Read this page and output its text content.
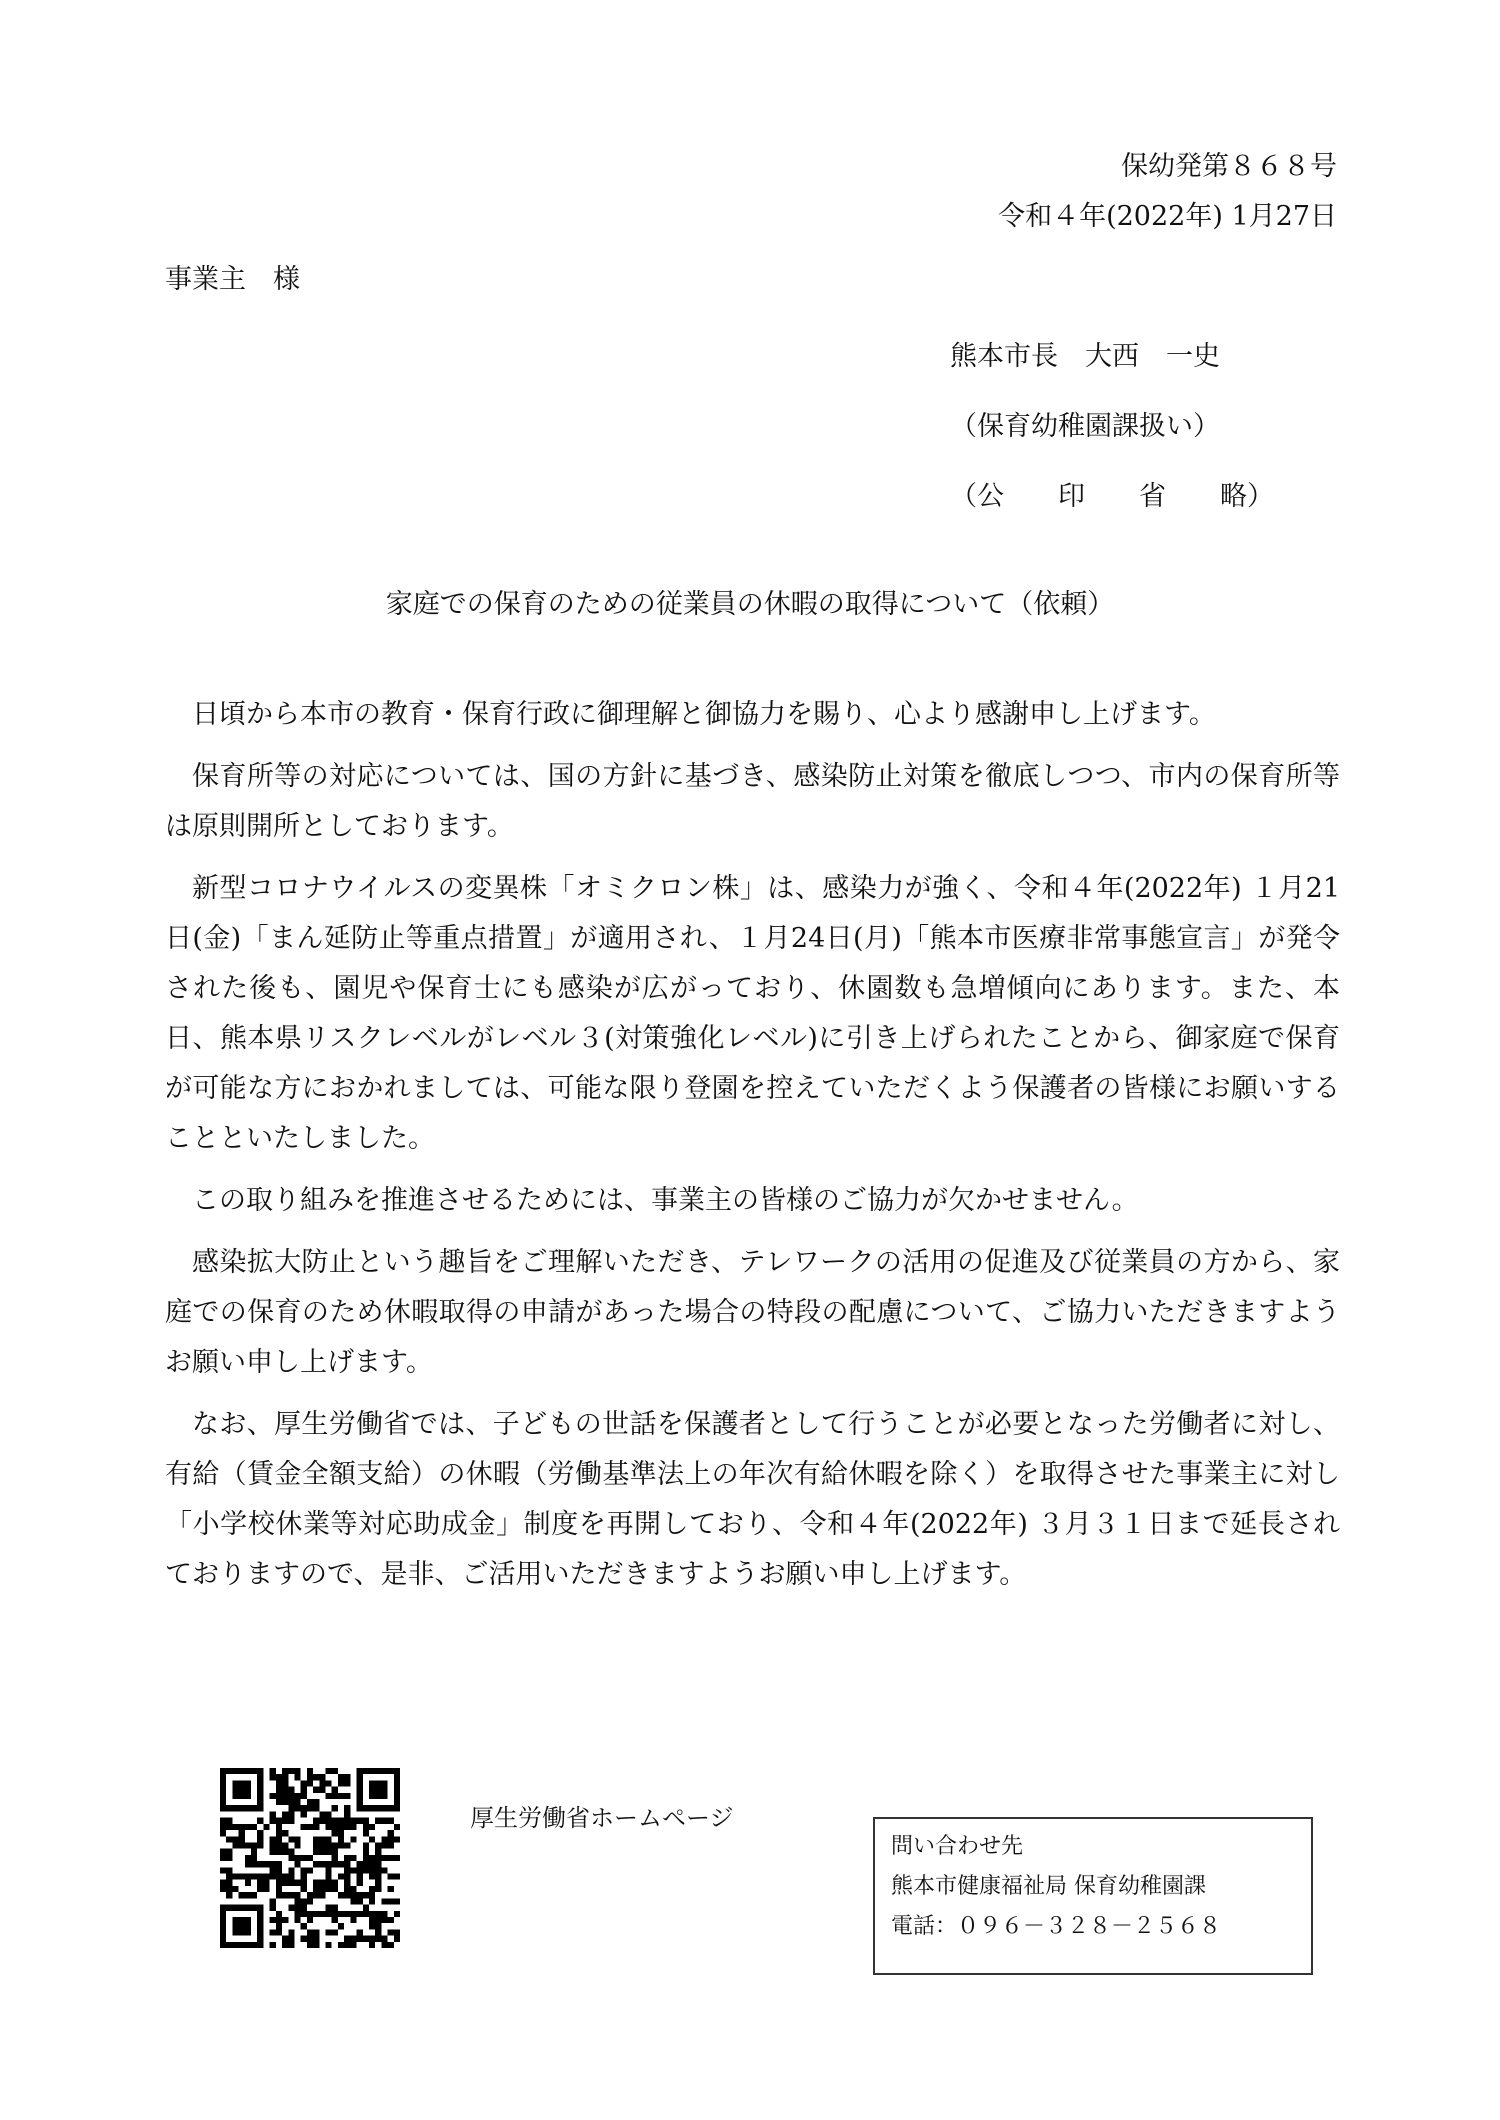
保幼発第８６８号
令和４年(2022年) 1月27日
事業主　様
熊本市長　大西　一史
（保育幼稚園課扱い）
（公　　印　　省　　略）
家庭での保育のための従業員の休暇の取得について（依頼）

日頃から本市の教育・保育行政に御理解と御協力を賜り、心より感謝申し上げます。

保育所等の対応については、国の方針に基づき、感染防止対策を徹底しつつ、市内の保育所等は原則開所としております。

新型コロナウイルスの変異株「オミクロン株」は、感染力が強く、令和４年(2022年) １月21日(金)「まん延防止等重点措置」が適用され、１月24日(月)「熊本市医療非常事態宣言」が発令された後も、園児や保育士にも感染が広がっており、休園数も急増傾向にあります。また、本日、熊本県リスクレベルがレベル３(対策強化レベル)に引き上げられたことから、御家庭で保育が可能な方におかれましては、可能な限り登園を控えていただくよう保護者の皆様にお願いすることといたしました。

この取り組みを推進させるためには、事業主の皆様のご協力が欠かせません。

感染拡大防止という趣旨をご理解いただき、テレワークの活用の促進及び従業員の方から、家庭での保育のため休暇取得の申請があった場合の特段の配慮について、ご協力いただきますようお願い申し上げます。

なお、厚生労働省では、子どもの世話を保護者として行うことが必要となった労働者に対し、有給（賃金全額支給）の休暇（労働基準法上の年次有給休暇を除く）を取得させた事業主に対し「小学校休業等対応助成金」制度を再開しており、令和４年(2022年) ３月３１日まで延長されておりますので、是非、ご活用いただきますようお願い申し上げます。

厚生労働省ホームページ
問い合わせ先
熊本市健康福祉局 保育幼稚園課
電話：０９６－３２８－２５６８
